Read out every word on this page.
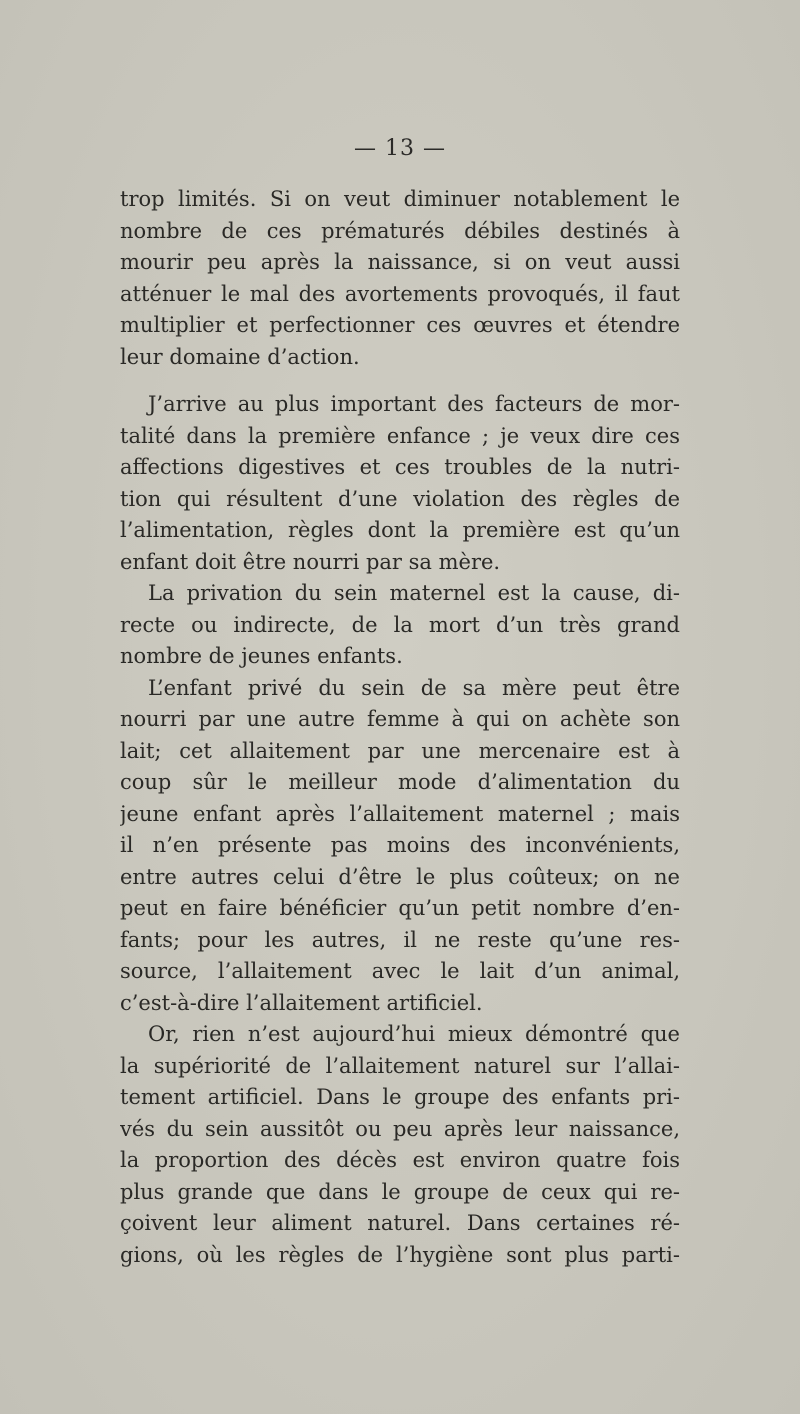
— 13 —
trop limités. Si on veut diminuer notablement le
nombre de ces prématurés débiles destinés à
mourir peu après la naissance, si on veut aussi
atténuer le mal des avortements provoqués, il faut
multiplier et perfectionner ces œuvres et étendre
leur domaine d’action.
J’arrive au plus important des facteurs de mor-
talité dans la première enfance ; je veux dire ces
affections digestives et ces troubles de la nutri-
tion qui résultent d’une violation des règles de
l’alimentation, règles dont la première est qu’un
enfant doit être nourri par sa mère.
La privation du sein maternel est la cause, di-
recte ou indirecte, de la mort d’un très grand
nombre de jeunes enfants.
L’enfant privé du sein de sa mère peut être
nourri par une autre femme à qui on achète son
lait; cet allaitement par une mercenaire est à
coup sûr le meilleur mode d’alimentation du
jeune enfant après l’allaitement maternel ; mais
il n’en présente pas moins des inconvénients,
entre autres celui d’être le plus coûteux; on ne
peut en faire bénéficier qu’un petit nombre d’en-
fants; pour les autres, il ne reste qu’une res-
source, l’allaitement avec le lait d’un animal,
c’est-à-dire l’allaitement artificiel.
Or, rien n’est aujourd’hui mieux démontré que
la supériorité de l’allaitement naturel sur l’allai-
tement artificiel. Dans le groupe des enfants pri-
vés du sein aussitôt ou peu après leur naissance,
la proportion des décès est environ quatre fois
plus grande que dans le groupe de ceux qui re-
çoivent leur aliment naturel. Dans certaines ré-
gions, où les règles de l’hygiène sont plus parti-
